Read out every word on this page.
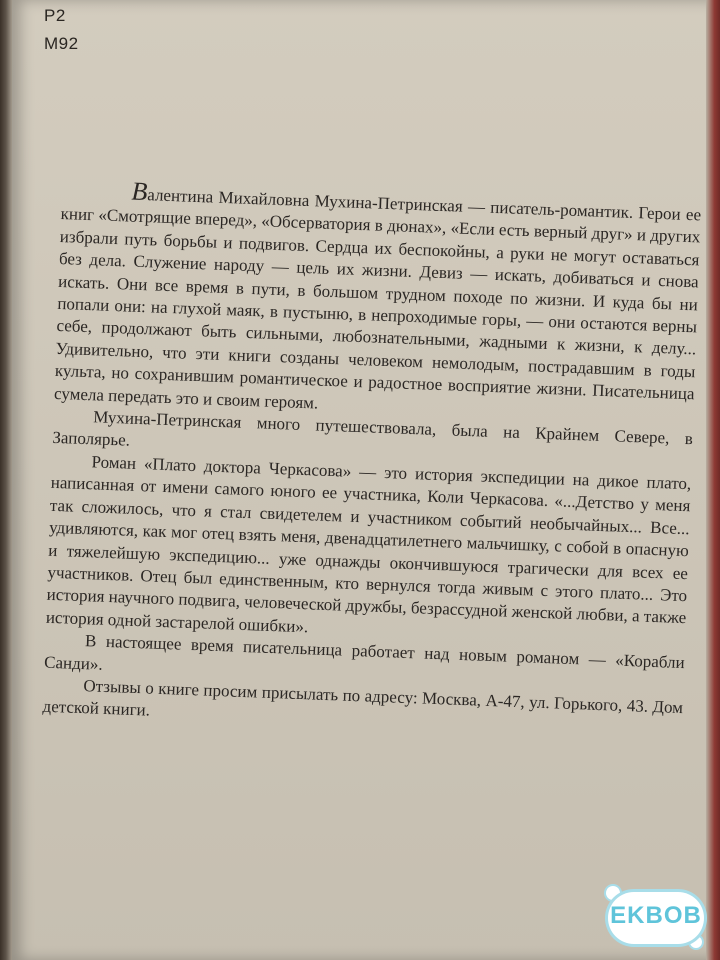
Р2
М92

Валентина Михайловна Мухина-Петринская — писатель-романтик. Герои ее книг «Смотрящие вперед», «Обсерватория в дюнах», «Если есть верный друг» и других избрали путь борьбы и подвигов. Сердца их беспокойны, а руки не могут оставаться без дела. Служение народу — цель их жизни. Девиз — искать, добиваться и снова искать. Они все время в пути, в большом трудном походе по жизни. И куда бы ни попали они: на глухой маяк, в пустыню, в непроходимые горы, — они остаются верны себе, продолжают быть сильными, любознательными, жадными к жизни, к делу... Удивительно, что эти книги созданы человеком немолодым, пострадавшим в годы культа, но сохранившим романтическое и радостное восприятие жизни. Писательница сумела передать это и своим героям.

Мухина-Петринская много путешествовала, была на Крайнем Севере, в Заполярье.

Роман «Плато доктора Черкасова» — это история экспедиции на дикое плато, написанная от имени самого юного ее участника, Коли Черкасова. «...Детство у меня так сложилось, что я стал свидетелем и участником событий необычайных... Все... удивляются, как мог отец взять меня, двенадцатилетнего мальчишку, с собой в опасную и тяжелейшую экспедицию... уже однажды окончившуюся трагически для всех ее участников. Отец был единственным, кто вернулся тогда живым с этого плато... Это история научного подвига, человеческой дружбы, безрассудной женской любви, а также история одной застарелой ошибки».

В настоящее время писательница работает над новым романом — «Корабли Санди».

Отзывы о книге просим присылать по адресу: Москва, А-47, ул. Горького, 43. Дом детской книги.

EKBOB
